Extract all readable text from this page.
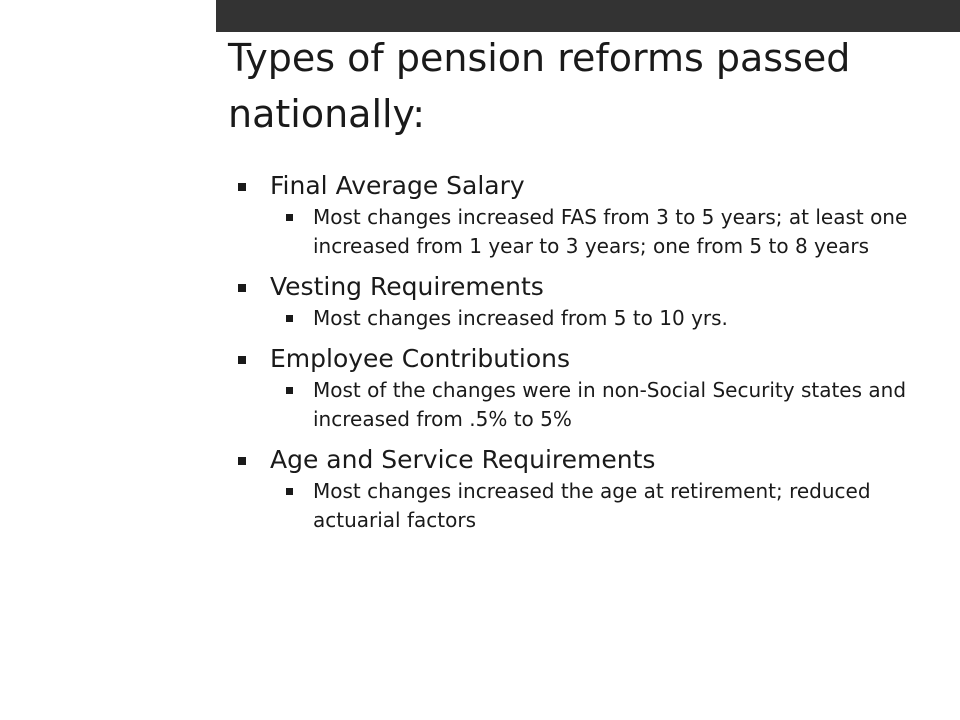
Types of pension reforms passed nationally:
Final Average Salary
Most changes increased FAS from 3 to 5 years; at least one increased from 1 year to 3 years; one from 5 to 8 years
Vesting Requirements
Most changes increased from 5 to 10 yrs.
Employee Contributions
Most of the changes were in non-Social Security states and increased from .5% to 5%
Age and Service Requirements
Most changes increased the age at retirement; reduced actuarial factors
